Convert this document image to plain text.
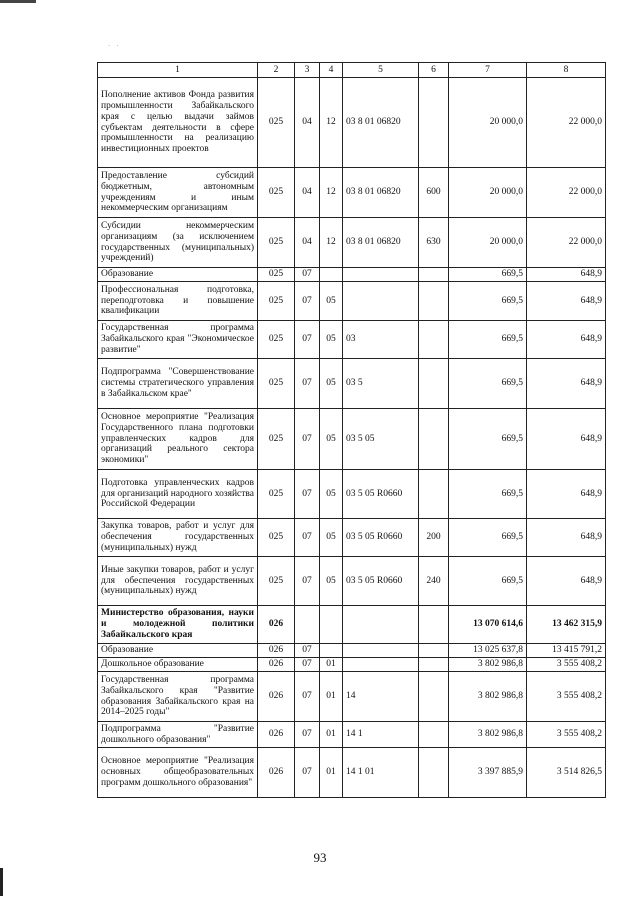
· ·
1	2	3	4	5	6	7	8
Пополнение активов Фонда развития промышленности Забайкальского края с целью выдачи займов субъектам деятельности в сфере промышленности на реализацию инвестиционных проектов	025	04	12	03 8 01 06820		20 000,0	22 000,0
Предоставление субсидий бюджетным, автономным учреждениям и иным некоммерческим организациям	025	04	12	03 8 01 06820	600	20 000,0	22 000,0
Субсидии некоммерческим организациям (за исключением государственных (муниципальных) учреждений)	025	04	12	03 8 01 06820	630	20 000,0	22 000,0
Образование	025	07				669,5	648,9
Профессиональная подготовка, переподготовка и повышение квалификации	025	07	05			669,5	648,9
Государственная программа Забайкальского края "Экономическое развитие"	025	07	05	03		669,5	648,9
Подпрограмма "Совершенствование системы стратегического управления в Забайкальском крае"	025	07	05	03 5		669,5	648,9
Основное мероприятие "Реализация Государственного плана подготовки управленческих кадров для организаций реального сектора экономики"	025	07	05	03 5 05		669,5	648,9
Подготовка управленческих кадров для организаций народного хозяйства Российской Федерации	025	07	05	03 5 05 R0660		669,5	648,9
Закупка товаров, работ и услуг для обеспечения государственных (муниципальных) нужд	025	07	05	03 5 05 R0660	200	669,5	648,9
Иные закупки товаров, работ и услуг для обеспечения государственных (муниципальных) нужд	025	07	05	03 5 05 R0660	240	669,5	648,9
Министерство образования, науки и молодежной политики Забайкальского края	026					13 070 614,6	13 462 315,9
Образование	026	07				13 025 637,8	13 415 791,2
Дошкольное образование	026	07	01			3 802 986,8	3 555 408,2
Государственная программа Забайкальского края "Развитие образования Забайкальского края на 2014–2025 годы"	026	07	01	14		3 802 986,8	3 555 408,2
Подпрограмма "Развитие дошкольного образования"	026	07	01	14 1		3 802 986,8	3 555 408,2
Основное мероприятие "Реализация основных общеобразовательных программ дошкольного образования"	026	07	01	14 1 01		3 397 885,9	3 514 826,5
93
